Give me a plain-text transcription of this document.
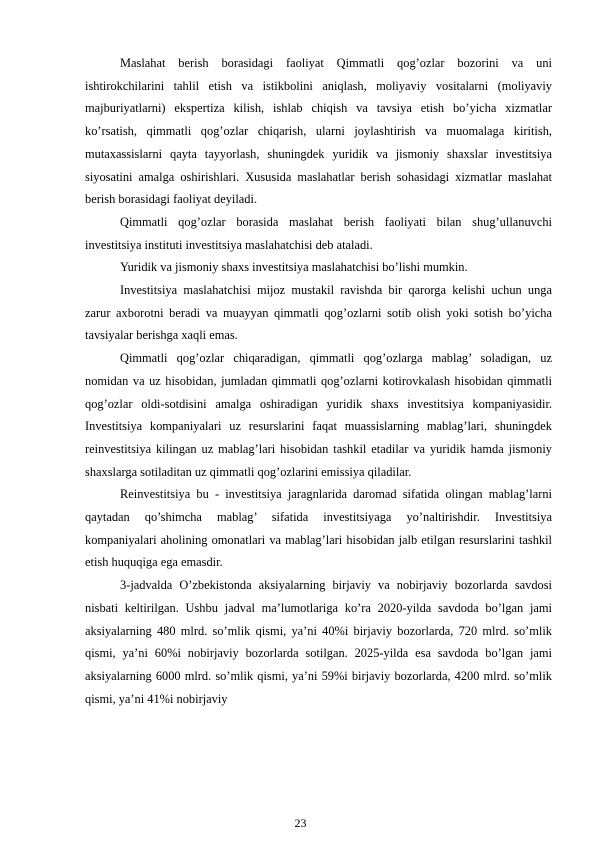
Maslahat berish borasidagi faoliyat Qimmatli qog’ozlar bozorini va uni ishtirokchilarini tahlil etish va istikbolini aniqlash, moliyaviy vositalarni (moliyaviy majburiyatlarni) ekspertiza kilish, ishlab chiqish va tavsiya etish bo’yicha xizmatlar ko’rsatish, qimmatli qog’ozlar chiqarish, ularni joylashtirish va muomalaga kiritish, mutaxassislarni qayta tayyorlash, shuningdek yuridik va jismoniy shaxslar investitsiya siyosatini amalga oshirishlari. Xususida maslahatlar berish sohasidagi xizmatlar maslahat berish borasidagi faoliyat deyiladi.

Qimmatli qog’ozlar borasida maslahat berish faoliyati bilan shug’ullanuvchi investitsiya instituti investitsiya maslahatchisi deb ataladi.

Yuridik va jismoniy shaxs investitsiya maslahatchisi bo’lishi mumkin.

Investitsiya maslahatchisi mijoz mustakil ravishda bir qarorga kelishi uchun unga zarur axborotni beradi va muayyan qimmatli qog’ozlarni sotib olish yoki sotish bo’yicha tavsiyalar berishga xaqli emas.

Qimmatli qog’ozlar chiqaradigan, qimmatli qog’ozlarga mablag’ soladigan, uz nomidan va uz hisobidan, jumladan qimmatli qog’ozlarni kotirovkalash hisobidan qimmatli qog’ozlar oldi-sotdisini amalga oshiradigan yuridik shaxs investitsiya kompaniyasidir. Investitsiya kompaniyalari uz resurslarini faqat muassislarning mablag’lari, shuningdek reinvestitsiya kilingan uz mablag’lari hisobidan tashkil etadilar va yuridik hamda jismoniy shaxslarga sotiladitan uz qimmatli qog’ozlarini emissiya qiladilar.

Reinvestitsiya bu - investitsiya jaragnlarida daromad sifatida olingan mablag’larni qaytadan qo’shimcha mablag’ sifatida investitsiyaga yo’naltirishdir. Investitsiya kompaniyalari aholining omonatlari va mablag’lari hisobidan jalb etilgan resurslarini tashkil etish huquqiga ega emasdir.

3-jadvalda O’zbekistonda aksiyalarning birjaviy va nobirjaviy bozorlarda savdosi nisbati keltirilgan. Ushbu jadval ma’lumotlariga ko’ra 2020-yilda savdoda bo’lgan jami aksiyalarning 480 mlrd. so’mlik qismi, ya’ni 40%i birjaviy bozorlarda, 720 mlrd. so’mlik qismi, ya’ni 60%i nobirjaviy bozorlarda sotilgan. 2025-yilda esa savdoda bo’lgan jami aksiyalarning 6000 mlrd. so’mlik qismi, ya’ni 59%i birjaviy bozorlarda, 4200 mlrd. so’mlik qismi, ya’ni 41%i nobirjaviy

23
